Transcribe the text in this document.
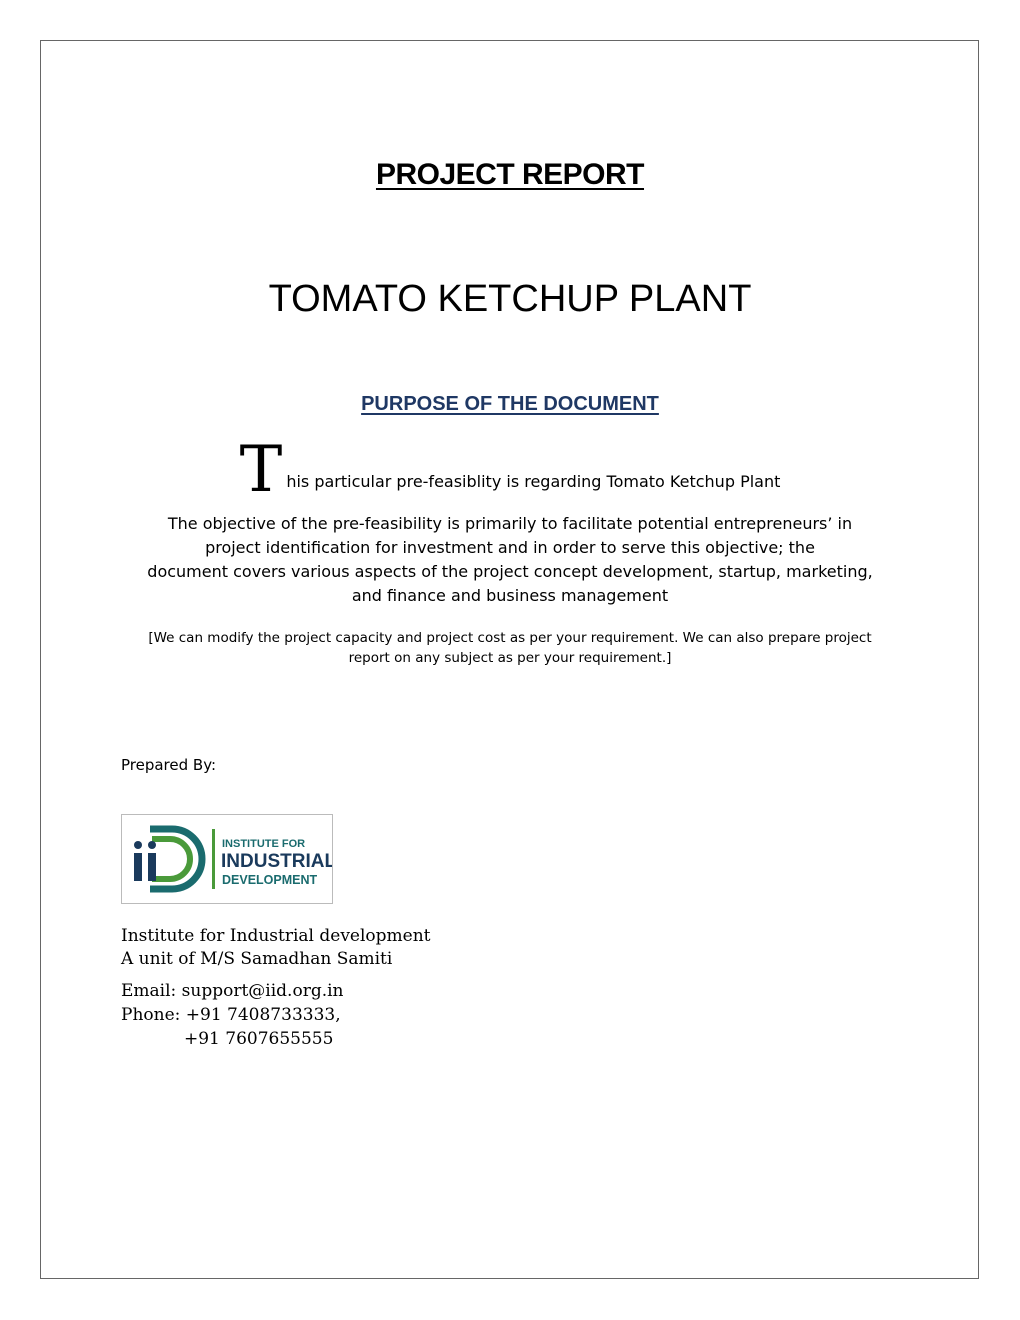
PROJECT REPORT
TOMATO KETCHUP PLANT
PURPOSE OF THE DOCUMENT
This particular pre-feasiblity is regarding Tomato Ketchup Plant
The objective of the pre-feasibility is primarily to facilitate potential entrepreneurs’ in
project identification for investment and in order to serve this objective; the
document covers various aspects of the project concept development, startup, marketing,
and finance and business management
[We can modify the project capacity and project cost as per your requirement. We can also prepare project
report on any subject as per your requirement.]
Prepared By:
INSTITUTE FOR
INDUSTRIAL
DEVELOPMENT
Institute for Industrial development
A unit of M/S Samadhan Samiti
Email: support@iid.org.in
Phone: +91 7408733333,
+91 7607655555
